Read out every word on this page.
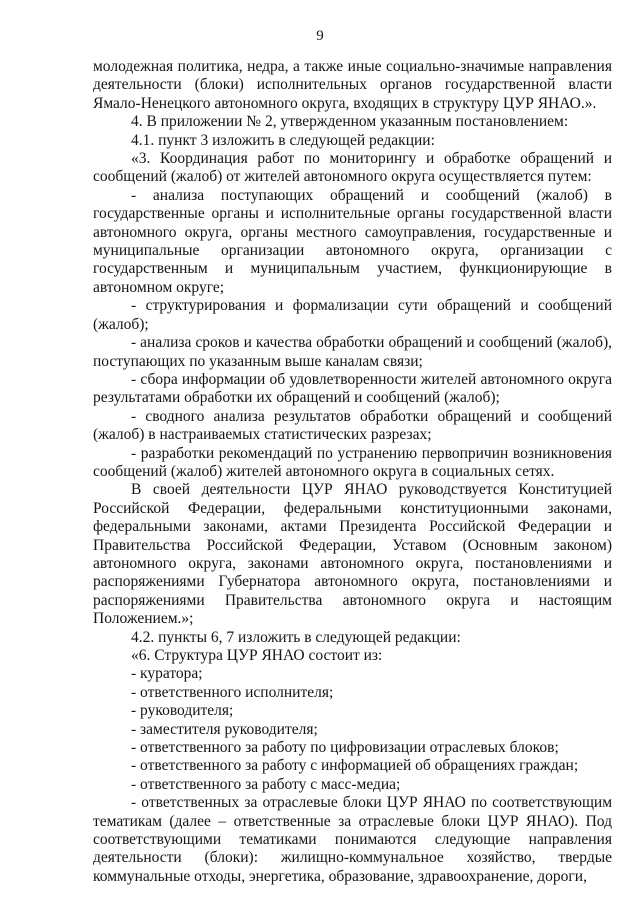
9

молодежная политика, недра, а также иные социально-значимые направления деятельности (блоки) исполнительных органов государственной власти Ямало-Ненецкого автономного округа, входящих в структуру ЦУР ЯНАО.».

4. В приложении № 2, утвержденном указанным постановлением:

4.1. пункт 3 изложить в следующей редакции:

«3. Координация работ по мониторингу и обработке обращений и сообщений (жалоб) от жителей автономного округа осуществляется путем:

- анализа поступающих обращений и сообщений (жалоб) в государственные органы и исполнительные органы государственной власти автономного округа, органы местного самоуправления, государственные и муниципальные организации автономного округа, организации с государственным и муниципальным участием, функционирующие в автономном округе;

- структурирования и формализации сути обращений и сообщений (жалоб);

- анализа сроков и качества обработки обращений и сообщений (жалоб), поступающих по указанным выше каналам связи;

- сбора информации об удовлетворенности жителей автономного округа результатами обработки их обращений и сообщений (жалоб);

- сводного анализа результатов обработки обращений и сообщений (жалоб) в настраиваемых статистических разрезах;

- разработки рекомендаций по устранению первопричин возникновения сообщений (жалоб) жителей автономного округа в социальных сетях.

В своей деятельности ЦУР ЯНАО руководствуется Конституцией Российской Федерации, федеральными конституционными законами, федеральными законами, актами Президента Российской Федерации и Правительства Российской Федерации, Уставом (Основным законом) автономного округа, законами автономного округа, постановлениями и распоряжениями Губернатора автономного округа, постановлениями и распоряжениями Правительства автономного округа и настоящим Положением.»;

4.2. пункты 6, 7 изложить в следующей редакции:

«6. Структура ЦУР ЯНАО состоит из:

- куратора;

- ответственного исполнителя;

- руководителя;

- заместителя руководителя;

- ответственного за работу по цифровизации отраслевых блоков;

- ответственного за работу с информацией об обращениях граждан;

- ответственного за работу с масс-медиа;

- ответственных за отраслевые блоки ЦУР ЯНАО по соответствующим тематикам (далее – ответственные за отраслевые блоки ЦУР ЯНАО). Под соответствующими тематиками понимаются следующие направления деятельности (блоки): жилищно-коммунальное хозяйство, твердые коммунальные отходы, энергетика, образование, здравоохранение, дороги,
